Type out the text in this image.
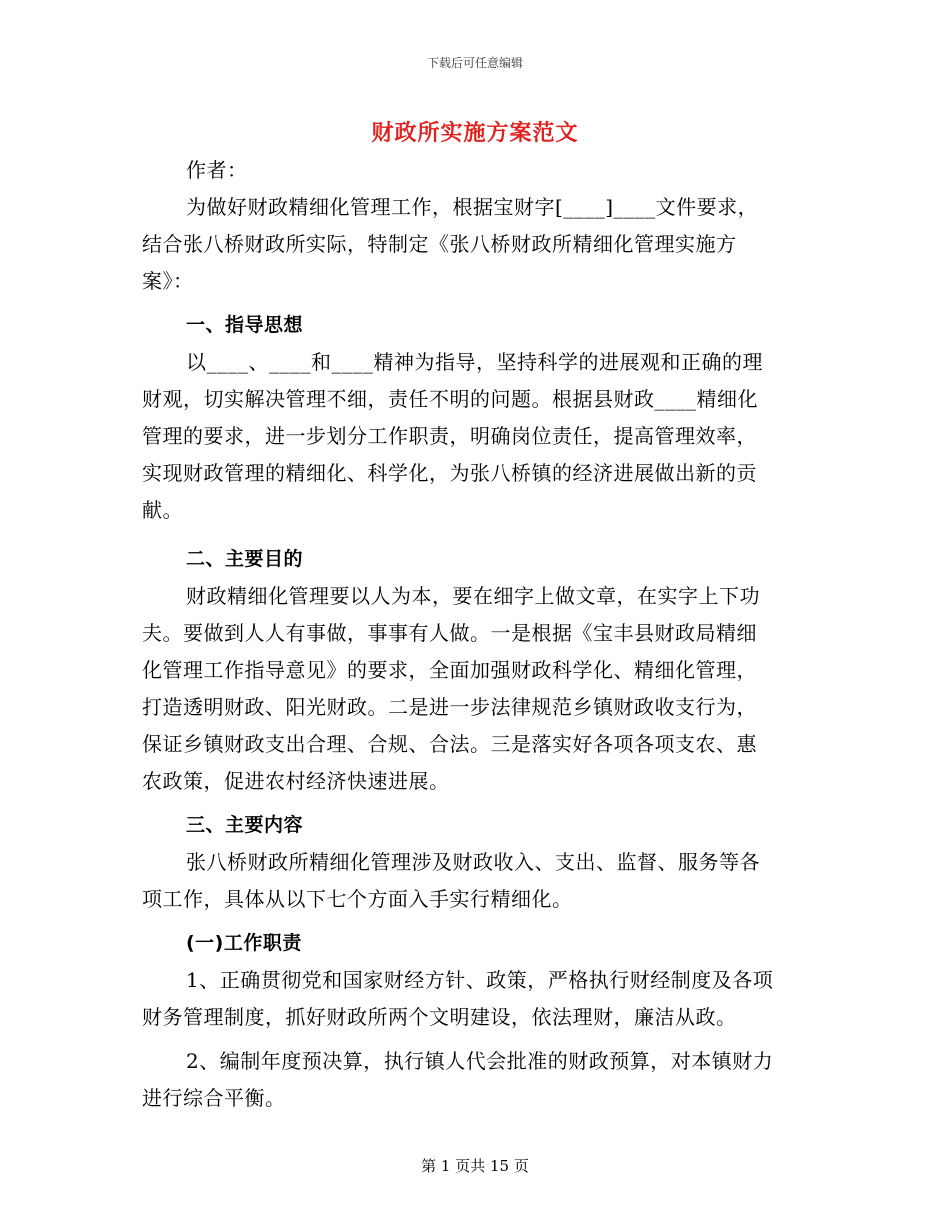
下载后可任意编辑
财政所实施方案范文
作者：
为做好财政精细化管理工作，根据宝财字[____]____文件要求，
结合张八桥财政所实际，特制定《张八桥财政所精细化管理实施方
案》：
一、指导思想
以____、____和____精神为指导，坚持科学的进展观和正确的理
财观，切实解决管理不细，责任不明的问题。根据县财政____精细化
管理的要求，进一步划分工作职责，明确岗位责任，提高管理效率，
实现财政管理的精细化、科学化，为张八桥镇的经济进展做出新的贡
献。
二、主要目的
财政精细化管理要以人为本，要在细字上做文章，在实字上下功
夫。要做到人人有事做，事事有人做。一是根据《宝丰县财政局精细
化管理工作指导意见》的要求，全面加强财政科学化、精细化管理，
打造透明财政、阳光财政。二是进一步法律规范乡镇财政收支行为，
保证乡镇财政支出合理、合规、合法。三是落实好各项各项支农、惠
农政策，促进农村经济快速进展。
三、主要内容
张八桥财政所精细化管理涉及财政收入、支出、监督、服务等各
项工作，具体从以下七个方面入手实行精细化。
(一)工作职责
1、正确贯彻党和国家财经方针、政策，严格执行财经制度及各项
财务管理制度，抓好财政所两个文明建设，依法理财，廉洁从政。
2、编制年度预决算，执行镇人代会批准的财政预算，对本镇财力
进行综合平衡。
第 1 页共 15 页
